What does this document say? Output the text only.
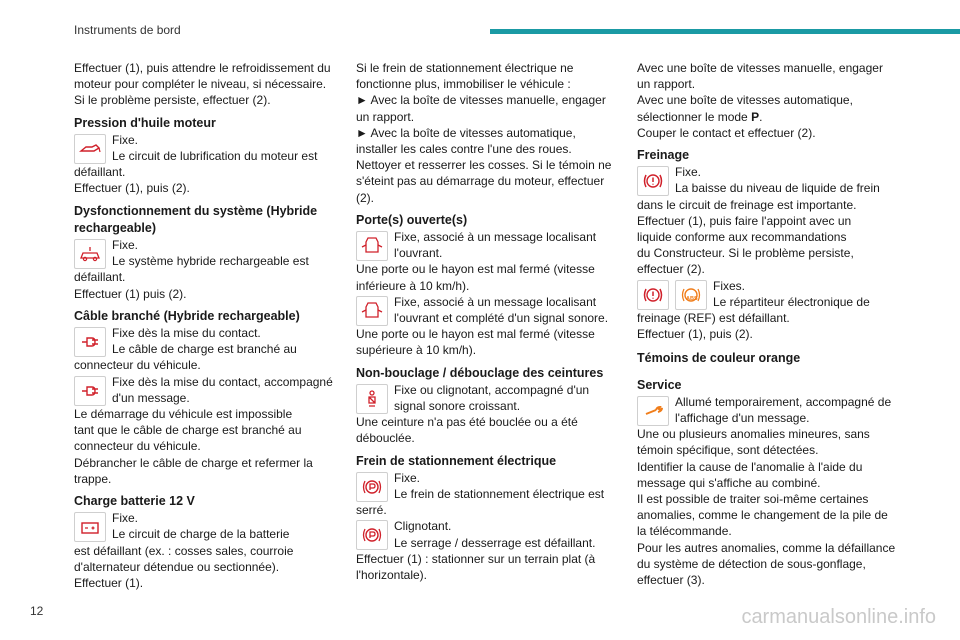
Instruments de bord

Effectuer (1), puis attendre le refroidissement du

moteur pour compléter le niveau, si nécessaire.

Si le problème persiste, effectuer (2).

Pression d'huile moteur

Fixe.

Le circuit de lubrification du moteur est

défaillant.

Effectuer (1), puis (2).

Dysfonctionnement du système (Hybride

rechargeable)

Fixe.

Le système hybride rechargeable est

défaillant.

Effectuer (1) puis (2).

Câble branché (Hybride rechargeable)

Fixe dès la mise du contact.

Le câble de charge est branché au

connecteur du véhicule.

Fixe dès la mise du contact, accompagné

d'un message.

Le démarrage du véhicule est impossible

tant que le câble de charge est branché au

connecteur du véhicule.

Débrancher le câble de charge et refermer la

trappe.

Charge batterie 12 V

Fixe.

Le circuit de charge de la batterie

est défaillant (ex. : cosses sales, courroie

d'alternateur détendue ou sectionnée).

Effectuer (1).

Si le frein de stationnement électrique ne

fonctionne plus, immobiliser le véhicule :

► Avec la boîte de vitesses manuelle, engager

un rapport.

► Avec la boîte de vitesses automatique,

installer les cales contre l'une des roues.

Nettoyer et resserrer les cosses. Si le témoin ne

s'éteint pas au démarrage du moteur, effectuer

(2).

Porte(s) ouverte(s)

Fixe, associé à un message localisant

l'ouvrant.

Une porte ou le hayon est mal fermé (vitesse

inférieure à 10 km/h).

Fixe, associé à un message localisant

l'ouvrant et complété d'un signal sonore.

Une porte ou le hayon est mal fermé (vitesse

supérieure à 10 km/h).

Non-bouclage / débouclage des ceintures

Fixe ou clignotant, accompagné d'un

signal sonore croissant.

Une ceinture n'a pas été bouclée ou a été

débouclée.

Frein de stationnement électrique

Fixe.

Le frein de stationnement électrique est

serré.

Clignotant.

Le serrage / desserrage est défaillant.

Effectuer (1) : stationner sur un terrain plat (à

l'horizontale).

Avec une boîte de vitesses manuelle, engager

un rapport.

Avec une boîte de vitesses automatique,

sélectionner le mode P.

Couper le contact et effectuer (2).

Freinage

Fixe.

La baisse du niveau de liquide de frein

dans le circuit de freinage est importante.

Effectuer (1), puis faire l'appoint avec un

liquide conforme aux recommandations

du Constructeur. Si le problème persiste,

effectuer (2).

ABS

Fixes.

Le répartiteur électronique de

freinage (REF) est défaillant.

Effectuer (1), puis (2).

Témoins de couleur orange

Service

Allumé temporairement, accompagné de

l'affichage d'un message.

Une ou plusieurs anomalies mineures, sans

témoin spécifique, sont détectées.

Identifier la cause de l'anomalie à l'aide du

message qui s'affiche au combiné.

Il est possible de traiter soi-même certaines

anomalies, comme le changement de la pile de

la télécommande.

Pour les autres anomalies, comme la défaillance

du système de détection de sous-gonflage,

effectuer (3).

12	carmanualsonline.info
